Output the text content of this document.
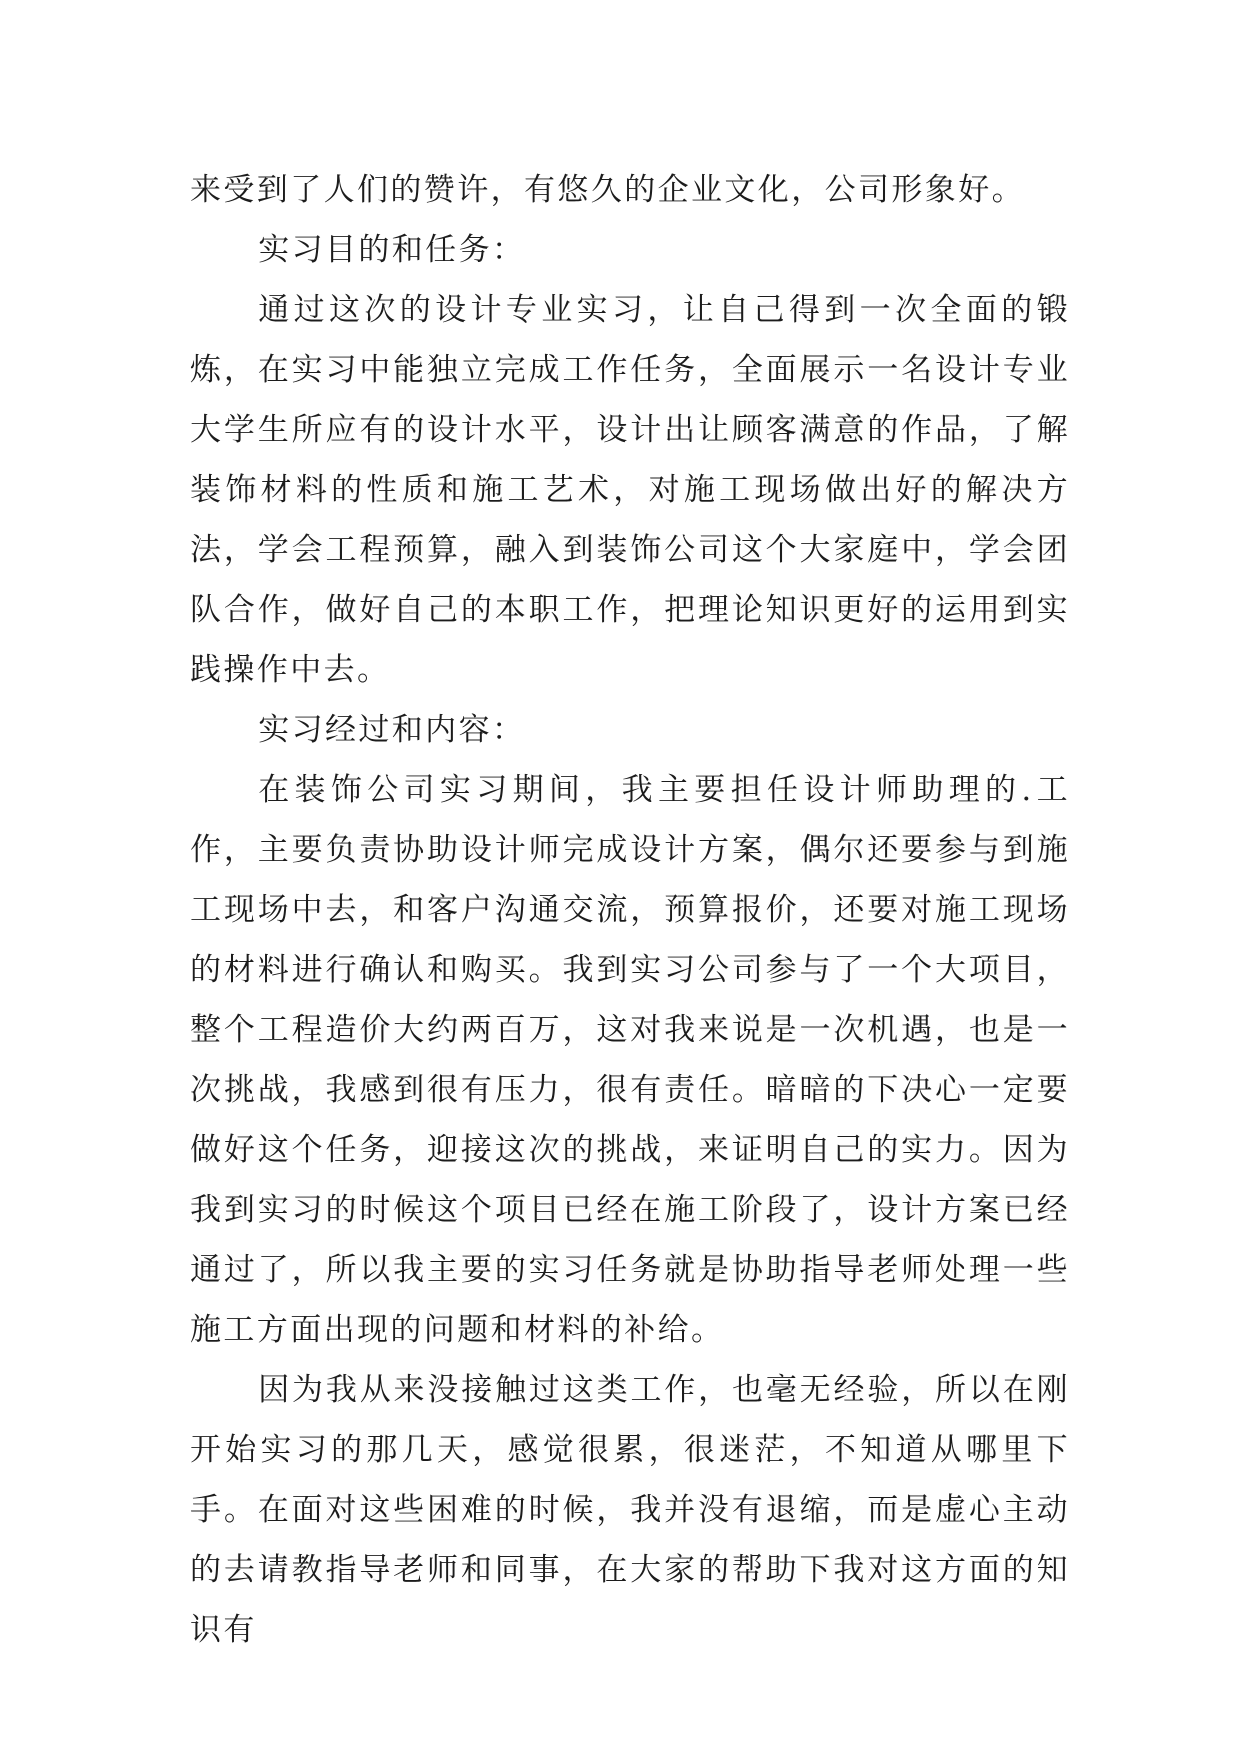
来受到了人们的赞许，有悠久的企业文化，公司形象好。

实习目的和任务：

通过这次的设计专业实习，让自己得到一次全面的锻炼，在实习中能独立完成工作任务，全面展示一名设计专业大学生所应有的设计水平，设计出让顾客满意的作品，了解装饰材料的性质和施工艺术，对施工现场做出好的解决方法，学会工程预算，融入到装饰公司这个大家庭中，学会团队合作，做好自己的本职工作，把理论知识更好的运用到实践操作中去。

实习经过和内容：

在装饰公司实习期间，我主要担任设计师助理的.工作，主要负责协助设计师完成设计方案，偶尔还要参与到施工现场中去，和客户沟通交流，预算报价，还要对施工现场的材料进行确认和购买。我到实习公司参与了一个大项目，整个工程造价大约两百万，这对我来说是一次机遇，也是一次挑战，我感到很有压力，很有责任。暗暗的下决心一定要做好这个任务，迎接这次的挑战，来证明自己的实力。因为我到实习的时候这个项目已经在施工阶段了，设计方案已经通过了，所以我主要的实习任务就是协助指导老师处理一些施工方面出现的问题和材料的补给。

因为我从来没接触过这类工作，也毫无经验，所以在刚开始实习的那几天，感觉很累，很迷茫，不知道从哪里下手。在面对这些困难的时候，我并没有退缩，而是虚心主动的去请教指导老师和同事，在大家的帮助下我对这方面的知识有
